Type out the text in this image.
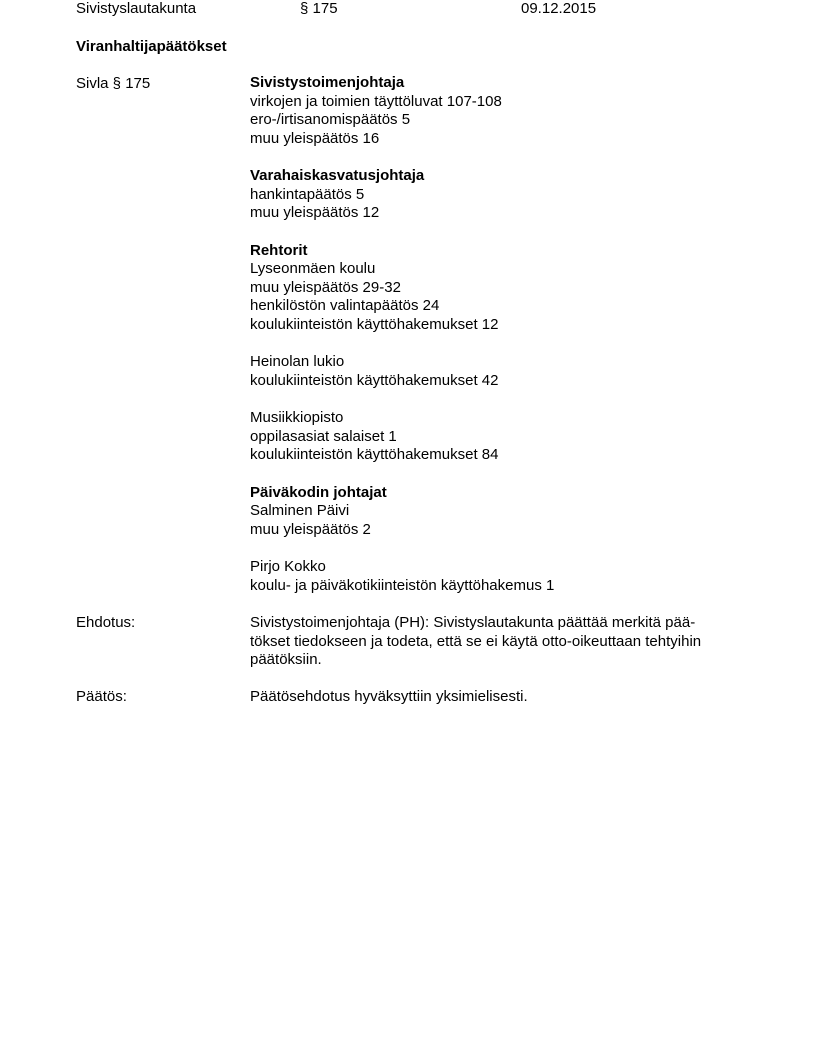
Sivistyslautakunta	§ 175	09.12.2015
Viranhaltijapäätökset
Sivla § 175	Sivistystoimenjohtaja
virkojen ja toimien täyttöluvat 107-108
ero-/irtisanomispäätös 5
muu yleispäätös 16
Varahaiskasvatusjohtaja
hankintapäätös 5
muu yleispäätös 12
Rehtorit
Lyseonmäen koulu
muu yleispäätös 29-32
henkilöstön valintapäätös 24
koulukiinteistön käyttöhakemukset 12
Heinolan lukio
koulukiinteistön käyttöhakemukset 42
Musiikkiopisto
oppilasasiat salaiset 1
koulukiinteistön käyttöhakemukset 84
Päiväkodin johtajat
Salminen Päivi
muu yleispäätös 2
Pirjo Kokko
koulu- ja päiväkotikiinteistön käyttöhakemus 1
Ehdotus:	Sivistystoimenjohtaja (PH): Sivistyslautakunta päättää merkitä pää-
tökset tiedokseen ja todeta, että se ei käytä otto-oikeuttaan tehtyihin
päätöksiin.
Päätös:	Päätösehdotus hyväksyttiin yksimielisesti.
